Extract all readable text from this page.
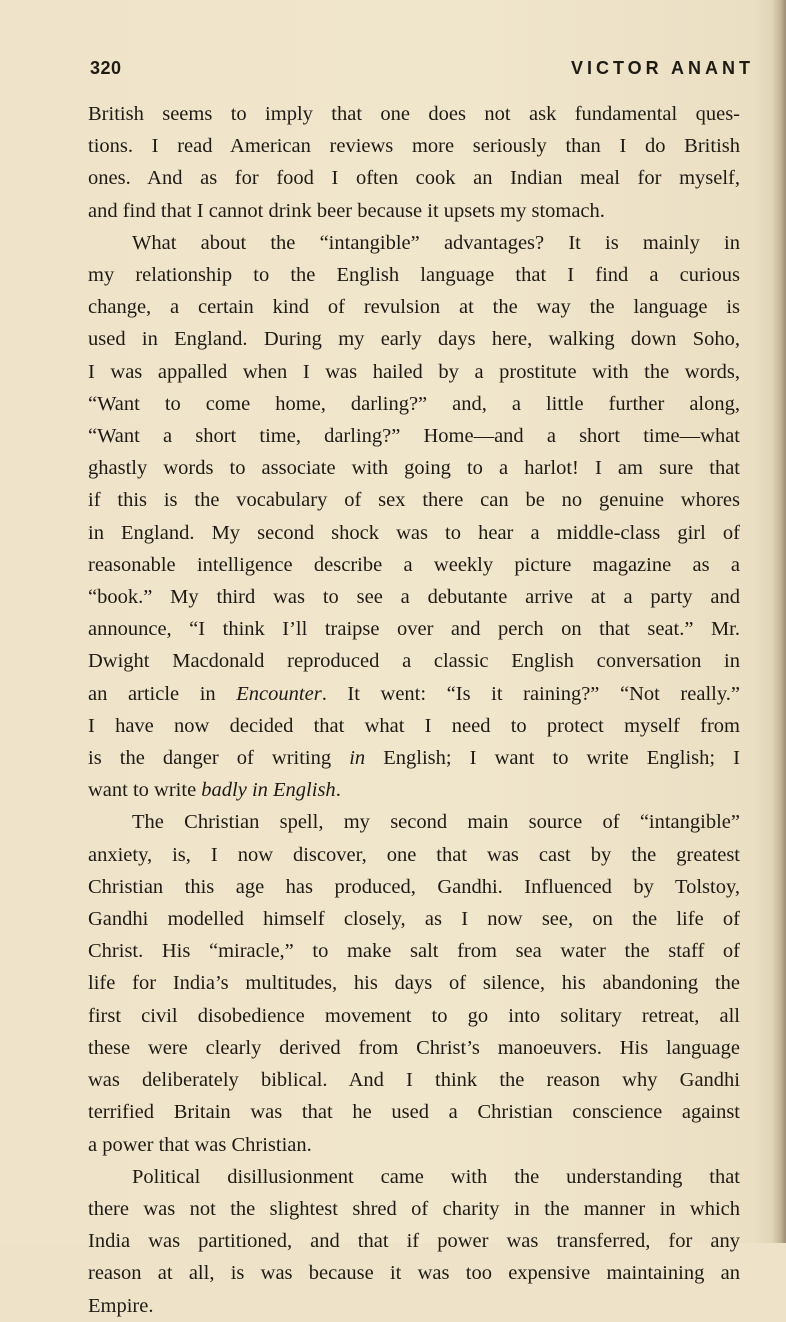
320	VICTOR ANANT
British seems to imply that one does not ask fundamental ques-
tions. I read American reviews more seriously than I do British
ones. And as for food I often cook an Indian meal for myself,
and find that I cannot drink beer because it upsets my stomach.
What about the “intangible” advantages? It is mainly in
my relationship to the English language that I find a curious
change, a certain kind of revulsion at the way the language is
used in England. During my early days here, walking down Soho,
I was appalled when I was hailed by a prostitute with the words,
“Want to come home, darling?” and, a little further along,
“Want a short time, darling?” Home—and a short time—what
ghastly words to associate with going to a harlot! I am sure that
if this is the vocabulary of sex there can be no genuine whores
in England. My second shock was to hear a middle-class girl of
reasonable intelligence describe a weekly picture magazine as a
“book.” My third was to see a debutante arrive at a party and
announce, “I think I’ll traipse over and perch on that seat.” Mr.
Dwight Macdonald reproduced a classic English conversation in
an article in Encounter. It went: “Is it raining?” “Not really.”
I have now decided that what I need to protect myself from
is the danger of writing in English; I want to write English; I
want to write badly in English.
The Christian spell, my second main source of “intangible”
anxiety, is, I now discover, one that was cast by the greatest
Christian this age has produced, Gandhi. Influenced by Tolstoy,
Gandhi modelled himself closely, as I now see, on the life of
Christ. His “miracle,” to make salt from sea water the staff of
life for India’s multitudes, his days of silence, his abandoning the
first civil disobedience movement to go into solitary retreat, all
these were clearly derived from Christ’s manoeuvers. His language
was deliberately biblical. And I think the reason why Gandhi
terrified Britain was that he used a Christian conscience against
a power that was Christian.
Political disillusionment came with the understanding that
there was not the slightest shred of charity in the manner in which
India was partitioned, and that if power was transferred, for any
reason at all, is was because it was too expensive maintaining an
Empire.
